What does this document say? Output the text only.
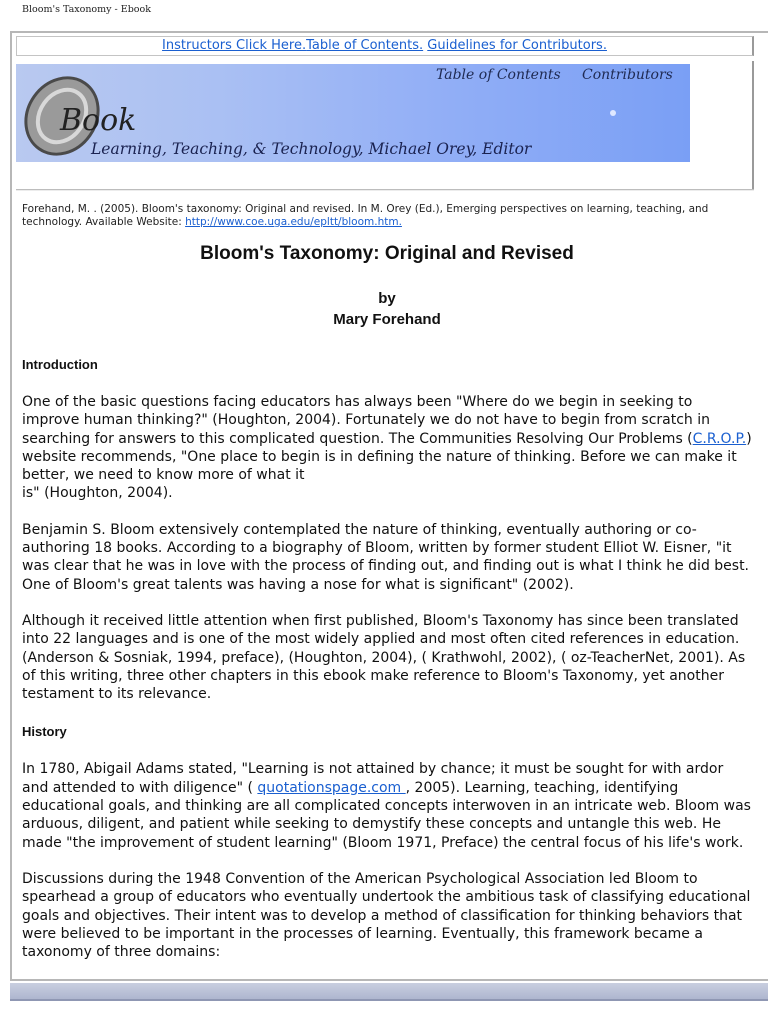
Bloom's Taxonomy - Ebook
Instructors Click Here.Table of Contents. Guidelines for Contributors.
Book
Table of Contents Contributors
Learning, Teaching, & Technology, Michael Orey, Editor

Forehand, M. . (2005). Bloom's taxonomy: Original and revised. In M. Orey (Ed.), Emerging perspectives on learning, teaching, and technology. Available Website: http://www.coe.uga.edu/epltt/bloom.htm.

Bloom's Taxonomy: Original and Revised
by
Mary Forehand
Introduction

One of the basic questions facing educators has always been "Where do we begin in seeking to improve human thinking?" (Houghton, 2004). Fortunately we do not have to begin from scratch in searching for answers to this complicated question. The Communities Resolving Our Problems (C.R.O.P.) website recommends, "One place to begin is in defining the nature of thinking. Before we can make it better, we need to know more of what it
is" (Houghton, 2004).

Benjamin S. Bloom extensively contemplated the nature of thinking, eventually authoring or co-authoring 18 books. According to a biography of Bloom, written by former student Elliot W. Eisner, "it was clear that he was in love with the process of finding out, and finding out is what I think he did best. One of Bloom's great talents was having a nose for what is significant" (2002).

Although it received little attention when first published, Bloom's Taxonomy has since been translated into 22 languages and is one of the most widely applied and most often cited references in education. (Anderson & Sosniak, 1994, preface), (Houghton, 2004), ( Krathwohl, 2002), ( oz-TeacherNet, 2001). As of this writing, three other chapters in this ebook make reference to Bloom's Taxonomy, yet another testament to its relevance.

History

In 1780, Abigail Adams stated, "Learning is not attained by chance; it must be sought for with ardor and attended to with diligence" ( quotationspage.com , 2005). Learning, teaching, identifying educational goals, and thinking are all complicated concepts interwoven in an intricate web. Bloom was arduous, diligent, and patient while seeking to demystify these concepts and untangle this web. He made "the improvement of student learning" (Bloom 1971, Preface) the central focus of his life's work.

Discussions during the 1948 Convention of the American Psychological Association led Bloom to spearhead a group of educators who eventually undertook the ambitious task of classifying educational goals and objectives. Their intent was to develop a method of classification for thinking behaviors that were believed to be important in the processes of learning. Eventually, this framework became a taxonomy of three domains:
